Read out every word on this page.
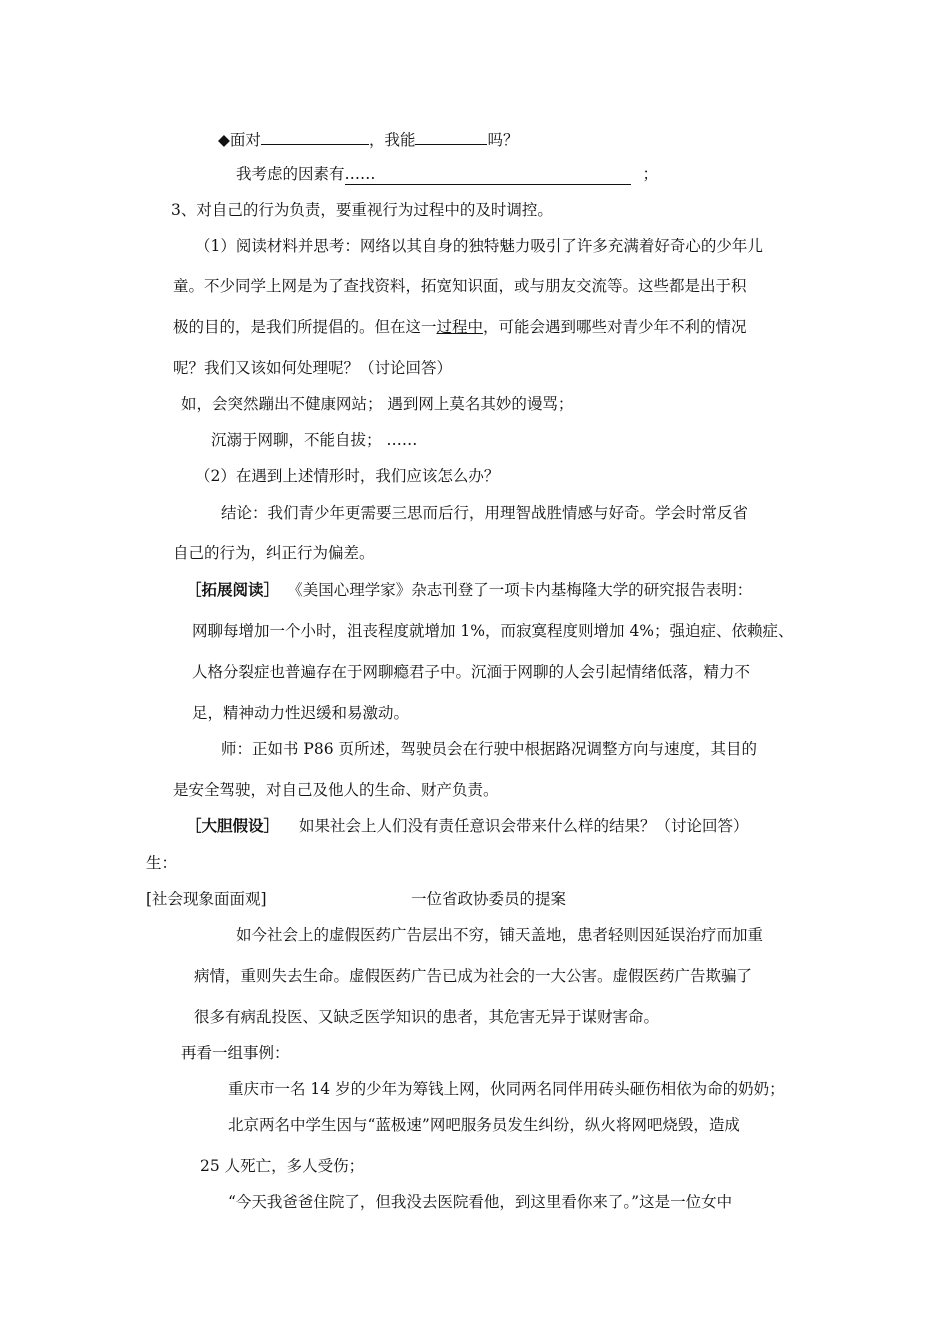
◆面对	，我能	吗？
我考虑的因素有……	；
3、对自己的行为负责，要重视行为过程中的及时调控。
（1）阅读材料并思考：网络以其自身的独特魅力吸引了许多充满着好奇心的少年儿
童。不少同学上网是为了查找资料，拓宽知识面，或与朋友交流等。这些都是出于积
极的目的，是我们所提倡的。但在这一过程中，可能会遇到哪些对青少年不利的情况
呢？我们又该如何处理呢？（讨论回答）
如，会突然蹦出不健康网站； 遇到网上莫名其妙的谩骂；
沉溺于网聊，不能自拔； ……
（2）在遇到上述情形时，我们应该怎么办？
结论：我们青少年更需要三思而后行，用理智战胜情感与好奇。学会时常反省
自己的行为，纠正行为偏差。
［拓展阅读］ 《美国心理学家》杂志刊登了一项卡内基梅隆大学的研究报告表明：
网聊每增加一个小时，沮丧程度就增加 1%，而寂寞程度则增加 4%；强迫症、依赖症、
人格分裂症也普遍存在于网聊瘾君子中。沉湎于网聊的人会引起情绪低落，精力不
足，精神动力性迟缓和易激动。
师：正如书 P86 页所述，驾驶员会在行驶中根据路况调整方向与速度，其目的
是安全驾驶，对自己及他人的生命、财产负责。
［大胆假设］ 如果社会上人们没有责任意识会带来什么样的结果？（讨论回答）
生：
[社会现象面面观]	一位省政协委员的提案
如今社会上的虚假医药广告层出不穷，铺天盖地，患者轻则因延误治疗而加重
病情，重则失去生命。虚假医药广告已成为社会的一大公害。虚假医药广告欺骗了
很多有病乱投医、又缺乏医学知识的患者，其危害无异于谋财害命。
再看一组事例：
重庆市一名 14 岁的少年为筹钱上网，伙同两名同伴用砖头砸伤相依为命的奶奶；
北京两名中学生因与“蓝极速”网吧服务员发生纠纷，纵火将网吧烧毁，造成
25 人死亡，多人受伤；
“今天我爸爸住院了，但我没去医院看他，到这里看你来了。”这是一位女中
